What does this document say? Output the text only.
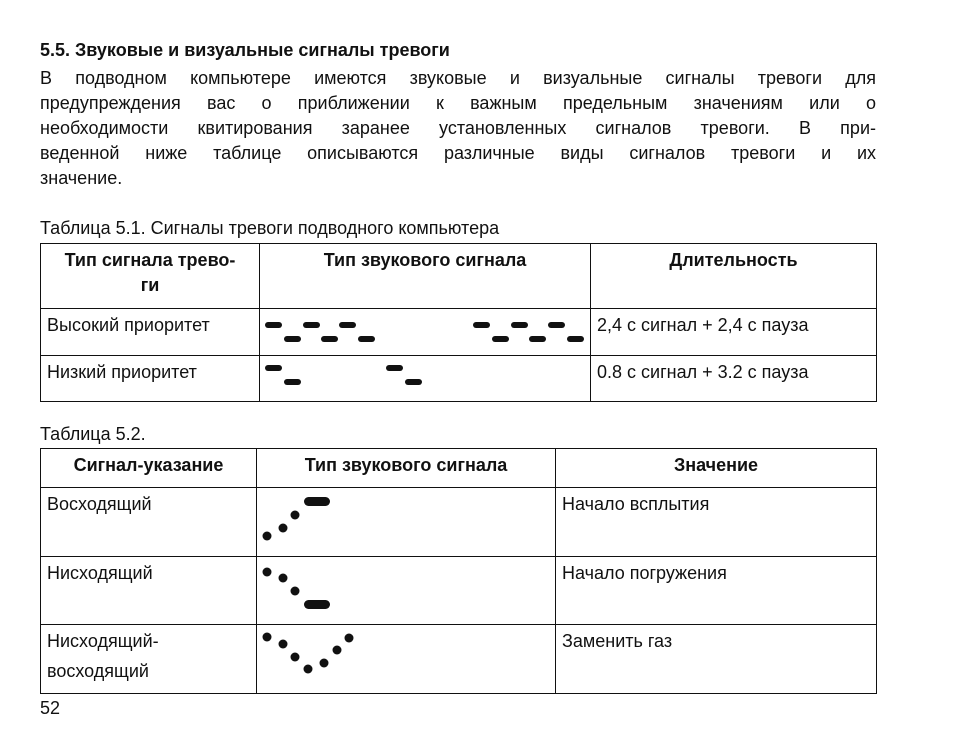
5.5. Звуковые и визуальные сигналы тревоги
В подводном компьютере имеются звуковые и визуальные сигналы тревоги для
предупреждения вас о приближении к важным предельным значениям или о
необходимости квитирования заранее установленных сигналов тревоги. В при-
веденной ниже таблице описываются различные виды сигналов тревоги и их
значение.
Таблица 5.1. Сигналы тревоги подводного компьютера
Тип сигнала трево-
ги	Тип звукового сигнала	Длительность

Высокий приоритет		2,4 с сигнал + 2,4 с пауза

Низкий приоритет		0.8 с сигнал + 3.2 с пауза
Таблица 5.2.
Сигнал-указание	Тип звукового сигнала	Значение

Восходящий		Начало всплытия

Нисходящий		Начало погружения

Нисходящий-
восходящий		Заменить газ
52
